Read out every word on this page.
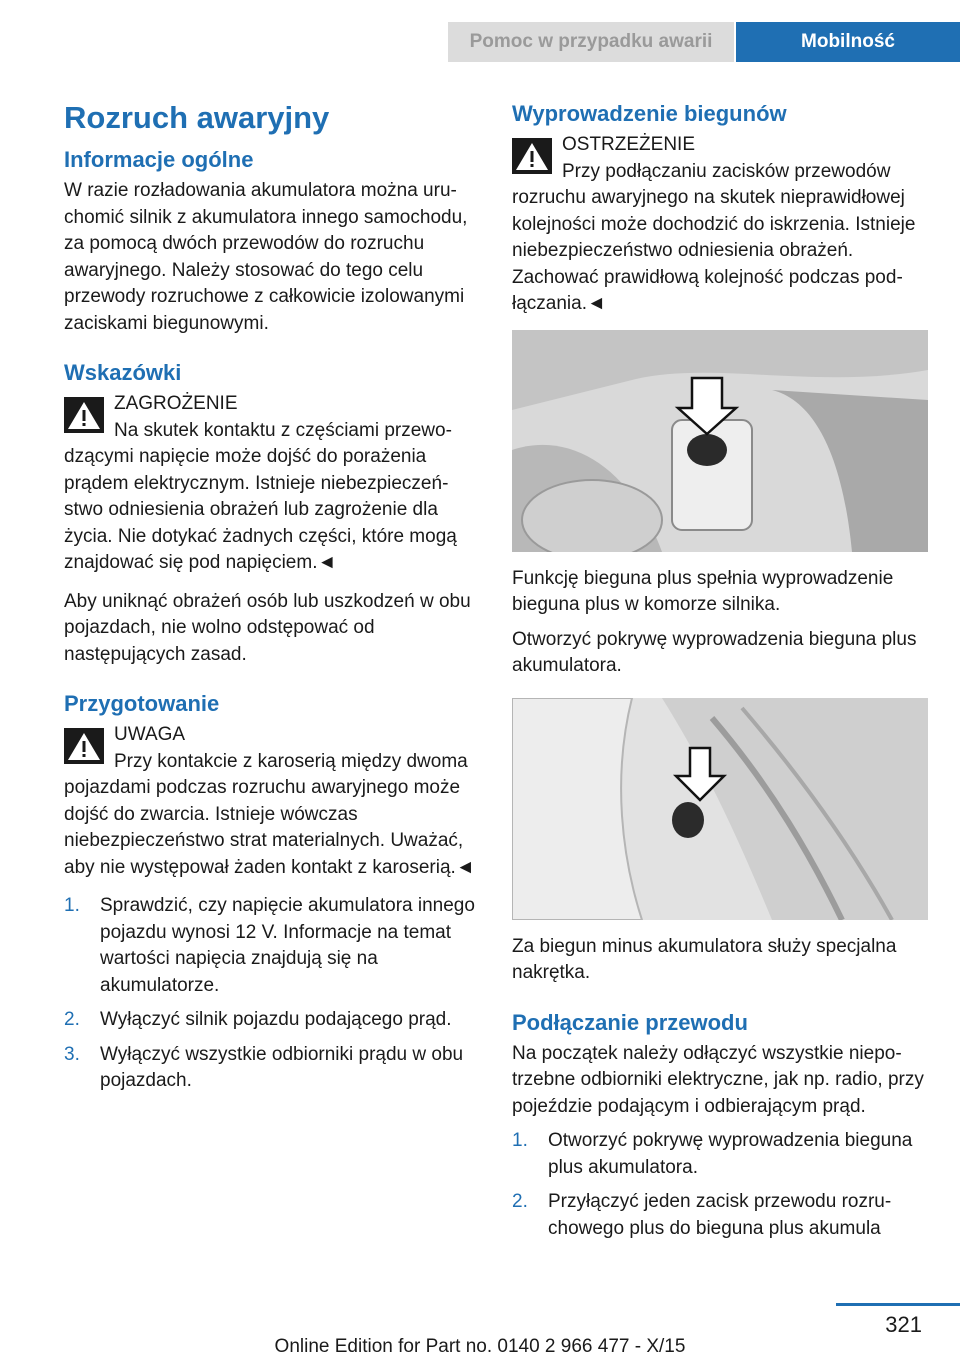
Pomoc w przypadku awarii	Mobilność
Rozruch awaryjny
Informacje ogólne

W razie rozładowania akumulatora można uruchomić silnik z akumulatora innego samochodu, za pomocą dwóch przewodów do rozruchu awaryjnego. Należy stosować do tego celu przewody rozruchowe z całkowicie izolowanymi zaciskami biegunowymi.

Wskazówki
ZAGROŻENIE
Na skutek kontaktu z częściami przewodzącymi napięcie może dojść do porażenia prądem elektrycznym. Istnieje niebezpieczeństwo odniesienia obrażeń lub zagrożenie dla życia. Nie dotykać żadnych części, które mogą znajdować się pod napięciem.◄

Aby uniknąć obrażeń osób lub uszkodzeń w obu pojazdach, nie wolno odstępować od następujących zasad.

Przygotowanie
UWAGA
Przy kontakcie z karoserią między dwoma pojazdami podczas rozruchu awaryjnego może dojść do zwarcia. Istnieje wówczas niebezpieczeństwo strat materialnych. Uważać, aby nie występował żaden kontakt z karoserią.◄
1. Sprawdzić, czy napięcie akumulatora innego pojazdu wynosi 12 V. Informacje na temat wartości napięcia znajdują się na akumulatorze.
2. Wyłączyć silnik pojazdu podającego prąd.
3. Wyłączyć wszystkie odbiorniki prądu w obu pojazdach.
Wyprowadzenie biegunów
OSTRZEŻENIE
Przy podłączaniu zacisków przewodów rozruchu awaryjnego na skutek nieprawidłowej kolejności może dochodzić do iskrzenia. Istnieje niebezpieczeństwo odniesienia obrażeń. Zachować prawidłową kolejność podczas podłączania.◄

Funkcję bieguna plus spełnia wyprowadzenie bieguna plus w komorze silnika.

Otworzyć pokrywę wyprowadzenia bieguna plus akumulatora.

Za biegun minus akumulatora służy specjalna nakrętka.

Podłączanie przewodu

Na początek należy odłączyć wszystkie niepotrzebne odbiorniki elektryczne, jak np. radio, przy pojeździe podającym i odbierającym prąd.

1. Otworzyć pokrywę wyprowadzenia bieguna plus akumulatora.
2. Przyłączyć jeden zacisk przewodu rozruchowego plus do bieguna plus akumula
321
Online Edition for Part no. 0140 2 966 477 - X/15
